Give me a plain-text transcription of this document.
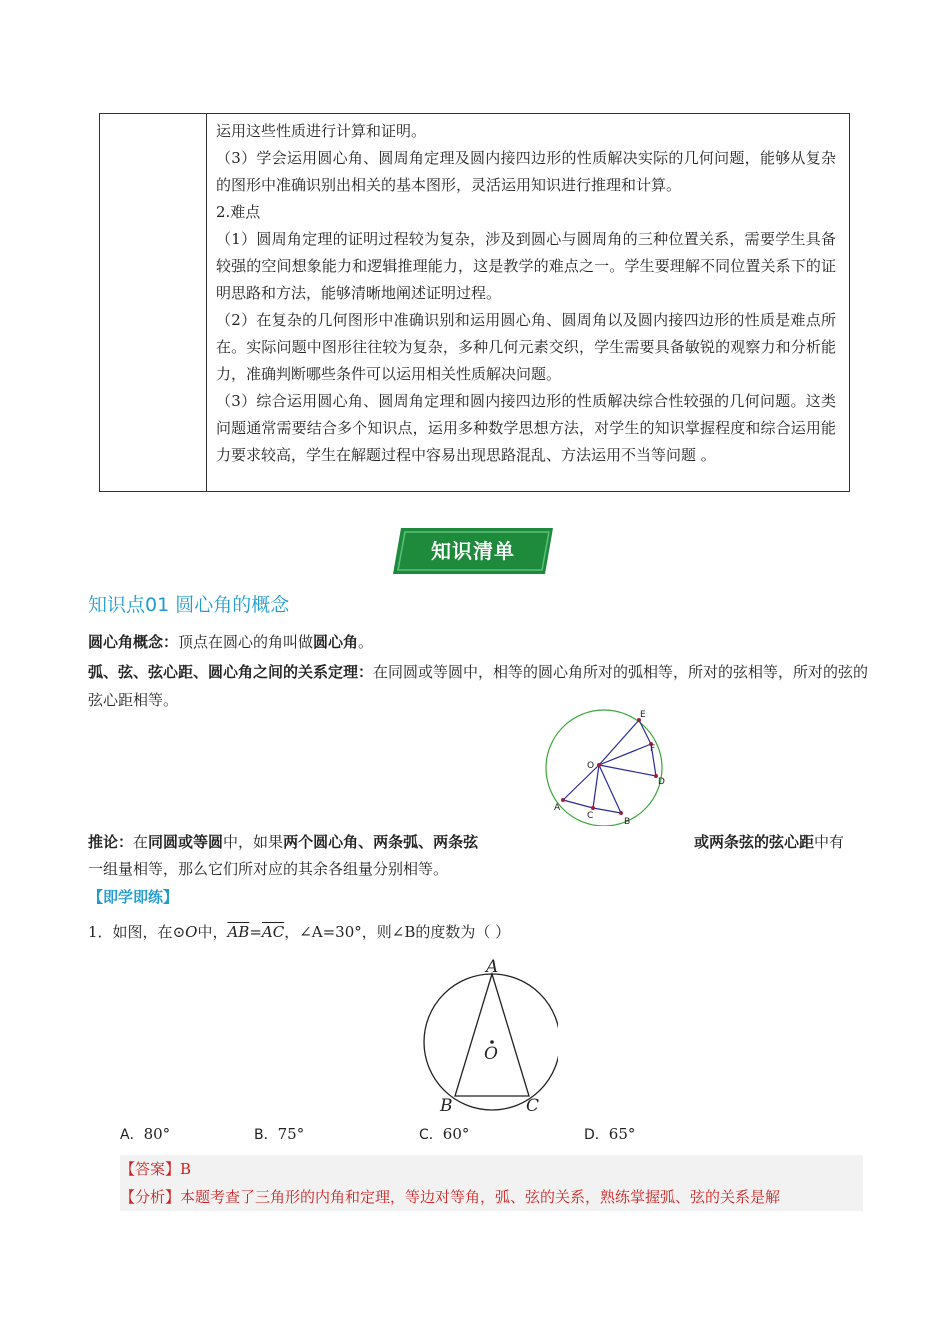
运用这些性质进行计算和证明。

（3）学会运用圆心角、圆周角定理及圆内接四边形的性质解决实际的几何问题，能够从复杂的图形中准确识别出相关的基本图形，灵活运用知识进行推理和计算。

2.难点

（1）圆周角定理的证明过程较为复杂，涉及到圆心与圆周角的三种位置关系，需要学生具备较强的空间想象能力和逻辑推理能力，这是教学的难点之一。学生要理解不同位置关系下的证明思路和方法，能够清晰地阐述证明过程。

（2）在复杂的几何图形中准确识别和运用圆心角、圆周角以及圆内接四边形的性质是难点所在。实际问题中图形往往较为复杂，多种几何元素交织，学生需要具备敏锐的观察力和分析能力，准确判断哪些条件可以运用相关性质解决问题。

（3）综合运用圆心角、圆周角定理和圆内接四边形的性质解决综合性较强的几何问题。这类问题通常需要结合多个知识点，运用多种数学思想方法，对学生的知识掌握程度和综合运用能力要求较高，学生在解题过程中容易出现思路混乱、方法运用不当等问题 。

知识清单
知识点01 圆心角的概念
圆心角概念：顶点在圆心的角叫做圆心角。
弧、弦、弦心距、圆心角之间的关系定理：在同圆或等圆中，相等的圆心角所对的弧相等，所对的弦相等，所对的弦的弦心距相等。
E
F
O
D
A
C
B
推论：在同圆或等圆中，如果两个圆心角、两条弧、两条弦	或两条弦的弦心距中有
一组量相等，那么它们所对应的其余各组量分别相等。
【即学即练】
1．如图，在⊙O中，$\overline{AB}=\overline{AC}$，∠A=30°，则∠B的度数为（ ）
A
O
B	C
A．80°	B．75°	C．60°	D．65°
【答案】B
【分析】本题考查了三角形的内角和定理，等边对等角，弧、弦的关系，熟练掌握弧、弦的关系是解
